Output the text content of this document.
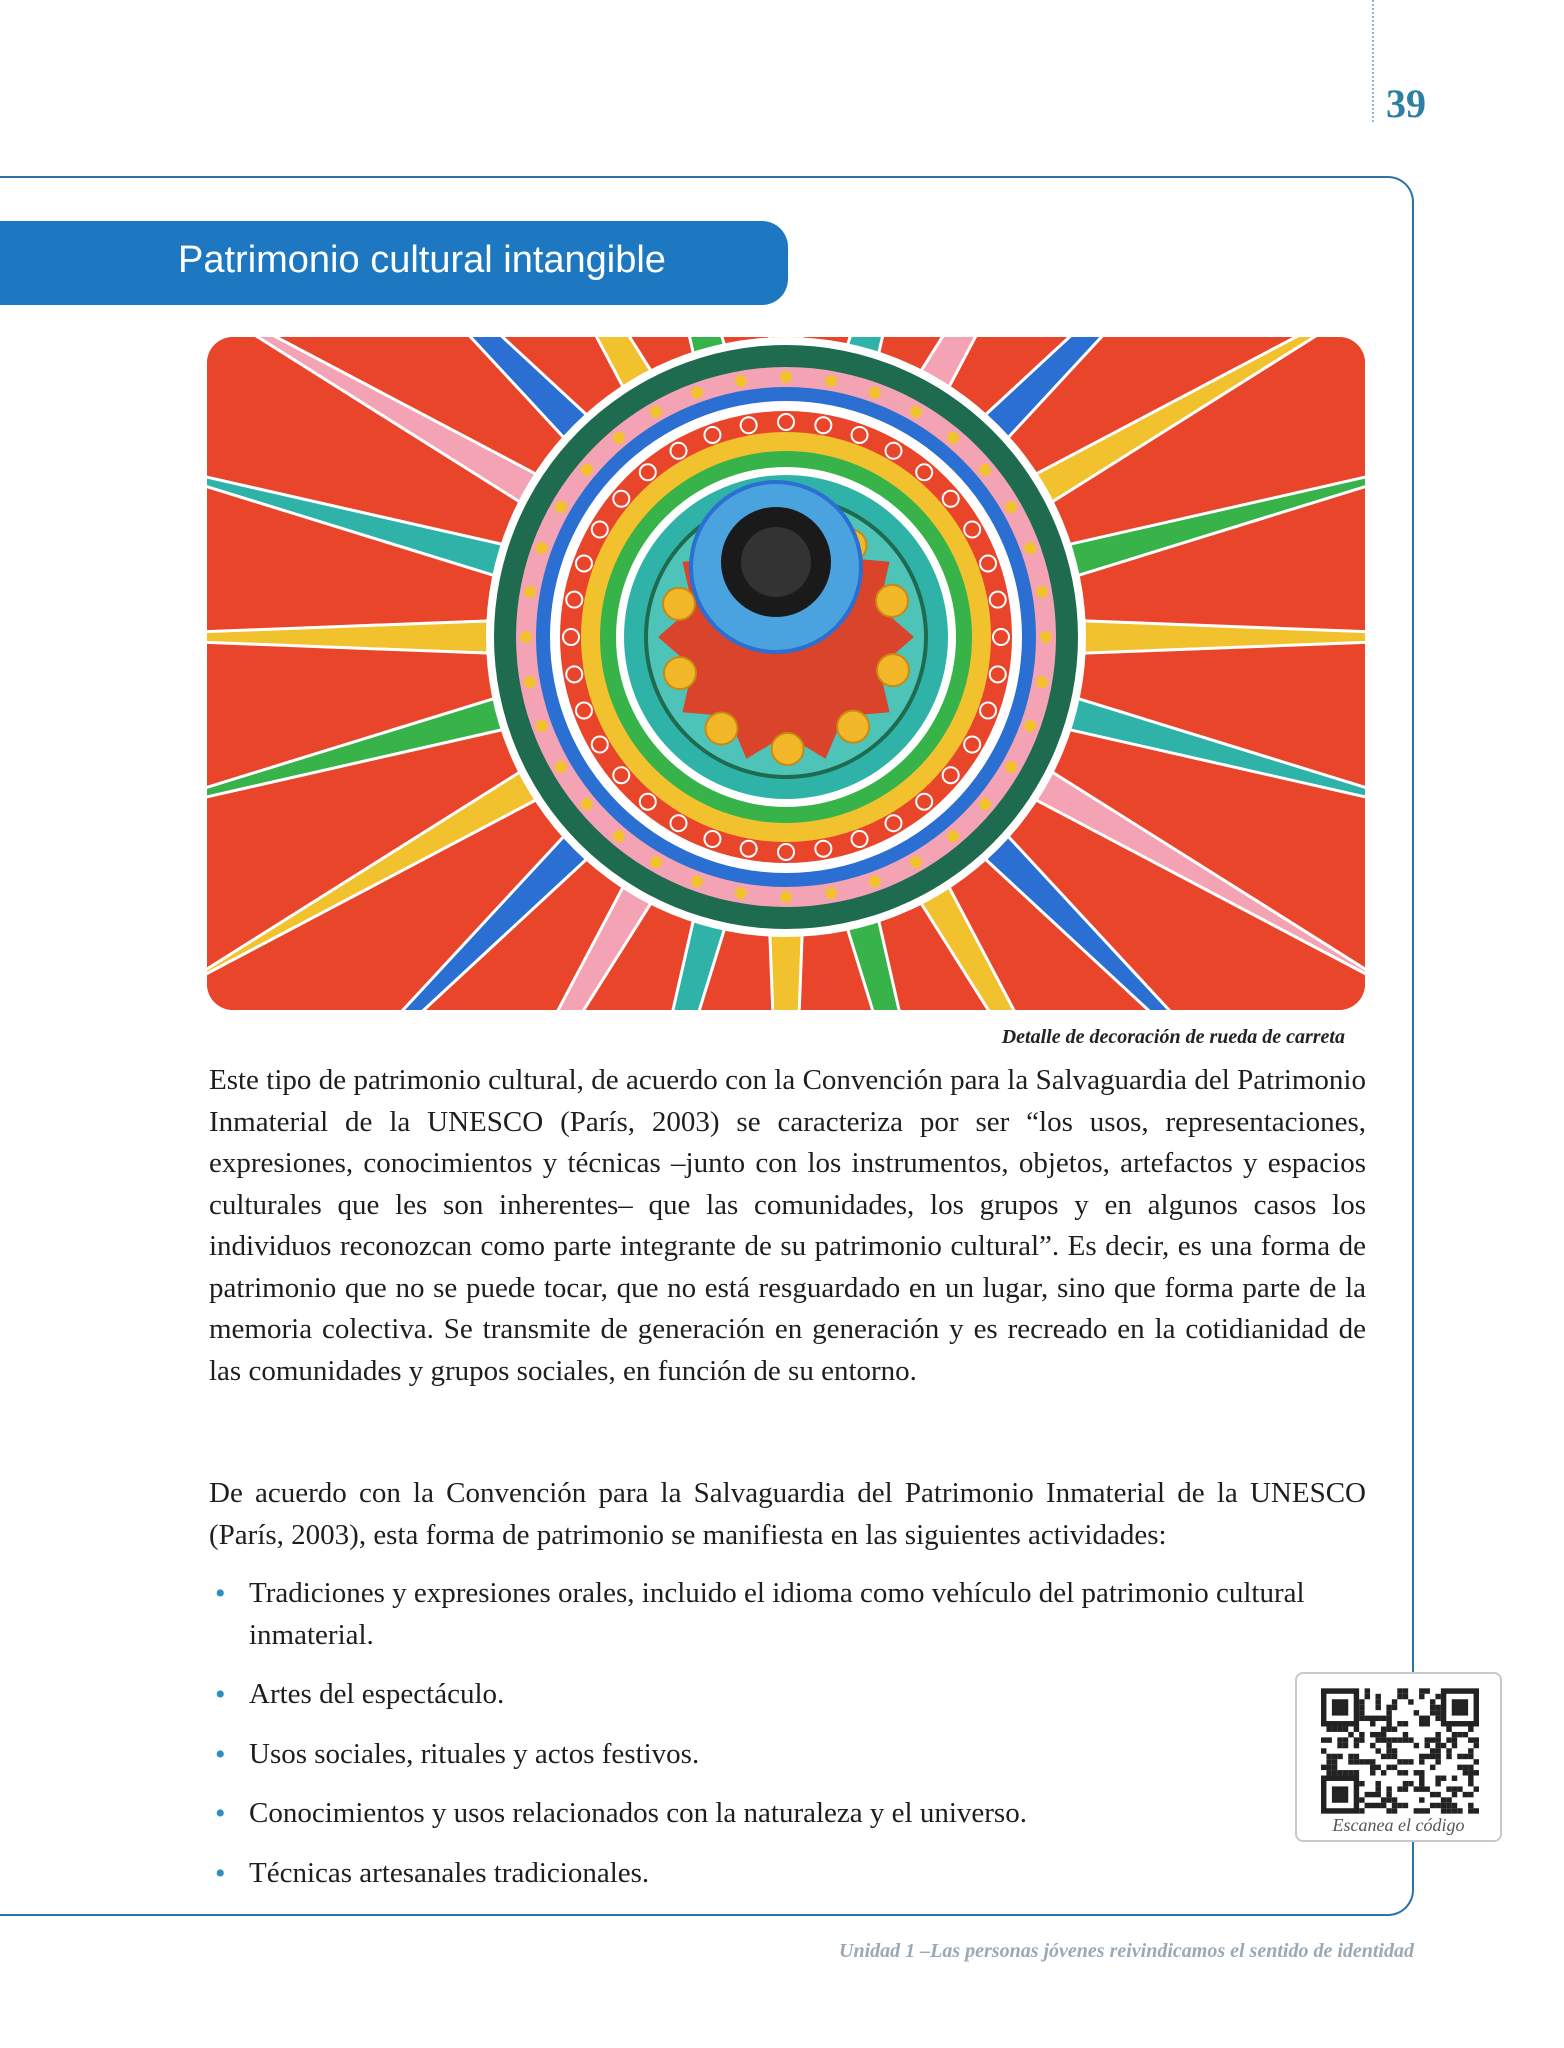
39
Patrimonio cultural intangible
Detalle de decoración de rueda de carreta

Este tipo de patrimonio cultural, de acuerdo con la Convención para la Salvaguardia del Patrimonio Inmaterial de la UNESCO (París, 2003) se caracteriza por ser “los usos, representaciones, expresiones, conocimientos y técnicas –junto con los instrumentos, objetos, artefactos y espacios culturales que les son inherentes– que las comunidades, los grupos y en algunos casos los individuos reconozcan como parte integrante de su patrimonio cultural”. Es decir, es una forma de patrimonio que no se puede tocar, que no está resguardado en un lugar, sino que forma parte de la memoria colectiva. Se transmite de generación en generación y es recreado en la cotidianidad de las comunidades y grupos sociales, en función de su entorno.

De acuerdo con la Convención para la Salvaguardia del Patrimonio Inmaterial de la UNESCO (París, 2003), esta forma de patrimonio se manifiesta en las siguientes actividades:

• Tradiciones y expresiones orales, incluido el idioma como vehículo del patrimonio cultural inmaterial.
• Artes del espectáculo.
• Usos sociales, rituales y actos festivos.
• Conocimientos y usos relacionados con la naturaleza y el universo.
• Técnicas artesanales tradicionales.
Escanea el código
Unidad 1 –Las personas jóvenes reivindicamos el sentido de identidad
